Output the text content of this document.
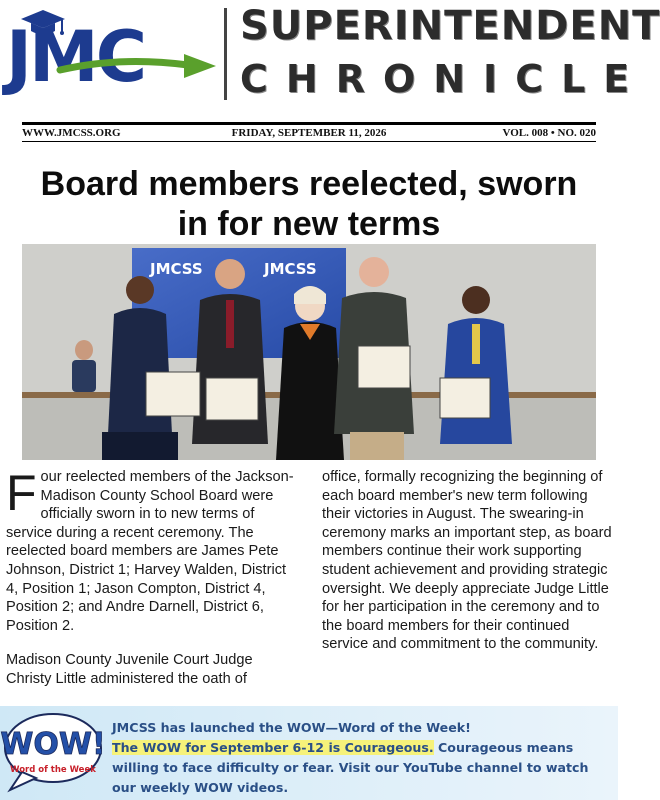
JMC SUPERINTENDENT
CHRONICLE
FRIDAY, SEPTEMBER 11, 2026
WWW.JMCSS.ORG	VOL. 008 • NO. 020
Board members reelected, sworn in for new terms
JMCSS	JMCSS

Four reelected members of the Jackson-Madison County School Board were officially sworn in to new terms of service during a recent ceremony. The reelected board members are James Pete Johnson, District 1; Harvey Walden, District 4, Position 1; Jason Compton, District 4, Position 2; and Andre Darnell, District 6, Position 2.

Madison County Juvenile Court Judge Christy Little administered the oath of

office, formally recognizing the beginning of each board member's new term following their victories in August. The swearing-in ceremony marks an important step, as board members continue their work supporting student achievement and providing strategic oversight. We deeply appreciate Judge Little for her participation in the ceremony and to the board members for their continued service and commitment to the community.

WOW!
Word of the Week
JMCSS has launched the WOW—Word of the Week!
The WOW for September 6-12 is Courageous. Courageous means willing to face difficulty or fear. Visit our YouTube channel to watch our weekly WOW videos.
